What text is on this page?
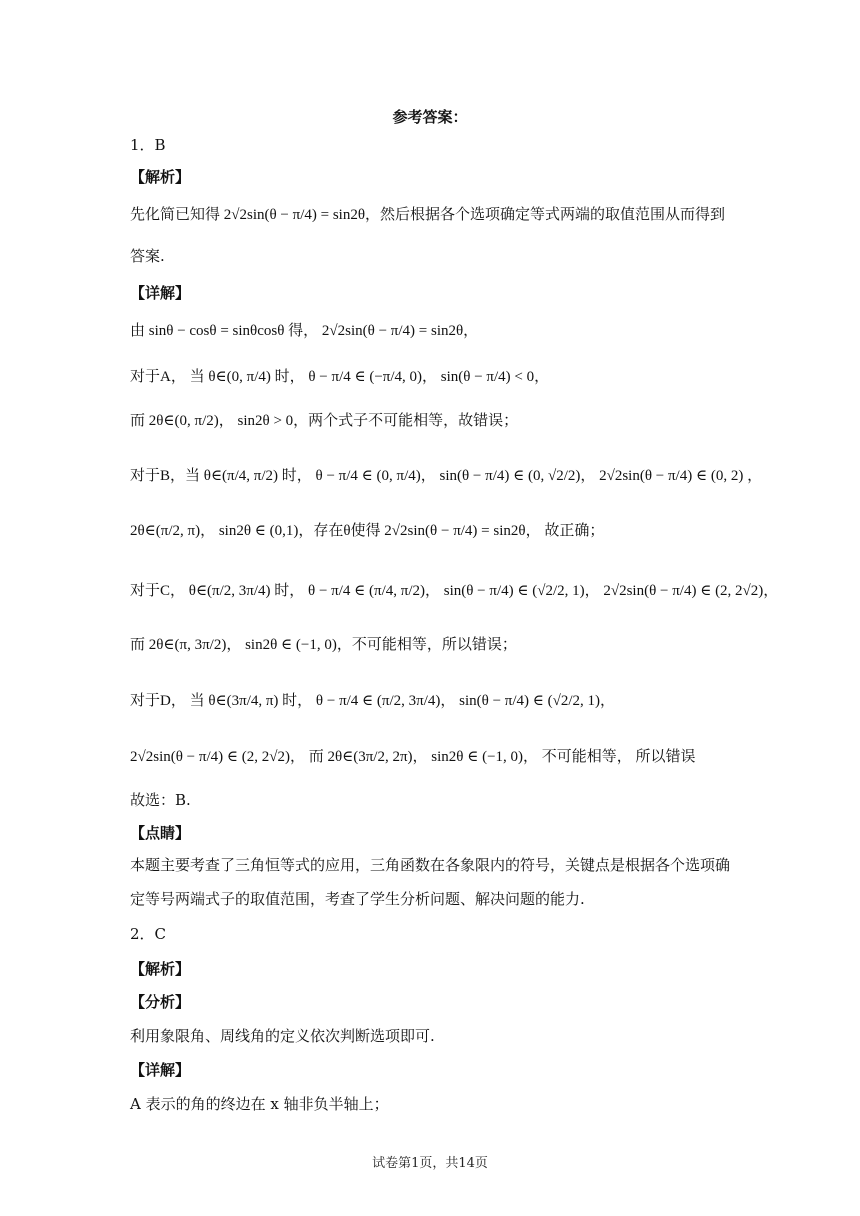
参考答案：
1．B
【解析】
先化简已知得 2√2sin(θ − π/4) = sin2θ，然后根据各个选项确定等式两端的取值范围从而得到
答案.
【详解】
由 sinθ − cosθ = sinθcosθ 得， 2√2sin(θ − π/4) = sin2θ，
对于A， 当 θ∈(0, π/4) 时， θ − π/4 ∈ (−π/4, 0)， sin(θ − π/4) < 0，
而 2θ∈(0, π/2)， sin2θ > 0，两个式子不可能相等，故错误；
对于B，当 θ∈(π/4, π/2) 时， θ − π/4 ∈ (0, π/4)， sin(θ − π/4) ∈ (0, √2/2)， 2√2sin(θ − π/4) ∈ (0, 2) ，
2θ∈(π/2, π)， sin2θ ∈ (0,1)，存在θ使得 2√2sin(θ − π/4) = sin2θ， 故正确；
对于C， θ∈(π/2, 3π/4) 时， θ − π/4 ∈ (π/4, π/2)， sin(θ − π/4) ∈ (√2/2, 1)， 2√2sin(θ − π/4) ∈ (2, 2√2)，
而 2θ∈(π, 3π/2)， sin2θ ∈ (−1, 0)，不可能相等，所以错误；
对于D， 当 θ∈(3π/4, π) 时， θ − π/4 ∈ (π/2, 3π/4)， sin(θ − π/4) ∈ (√2/2, 1)，
2√2sin(θ − π/4) ∈ (2, 2√2)， 而 2θ∈(3π/2, 2π)， sin2θ ∈ (−1, 0)， 不可能相等， 所以错误
故选：B.
【点睛】
本题主要考查了三角恒等式的应用，三角函数在各象限内的符号，关键点是根据各个选项确
定等号两端式子的取值范围，考查了学生分析问题、解决问题的能力.
2．C
【解析】
【分析】
利用象限角、周线角的定义依次判断选项即可.
【详解】
A 表示的角的终边在 x 轴非负半轴上；
试卷第1页，共14页
